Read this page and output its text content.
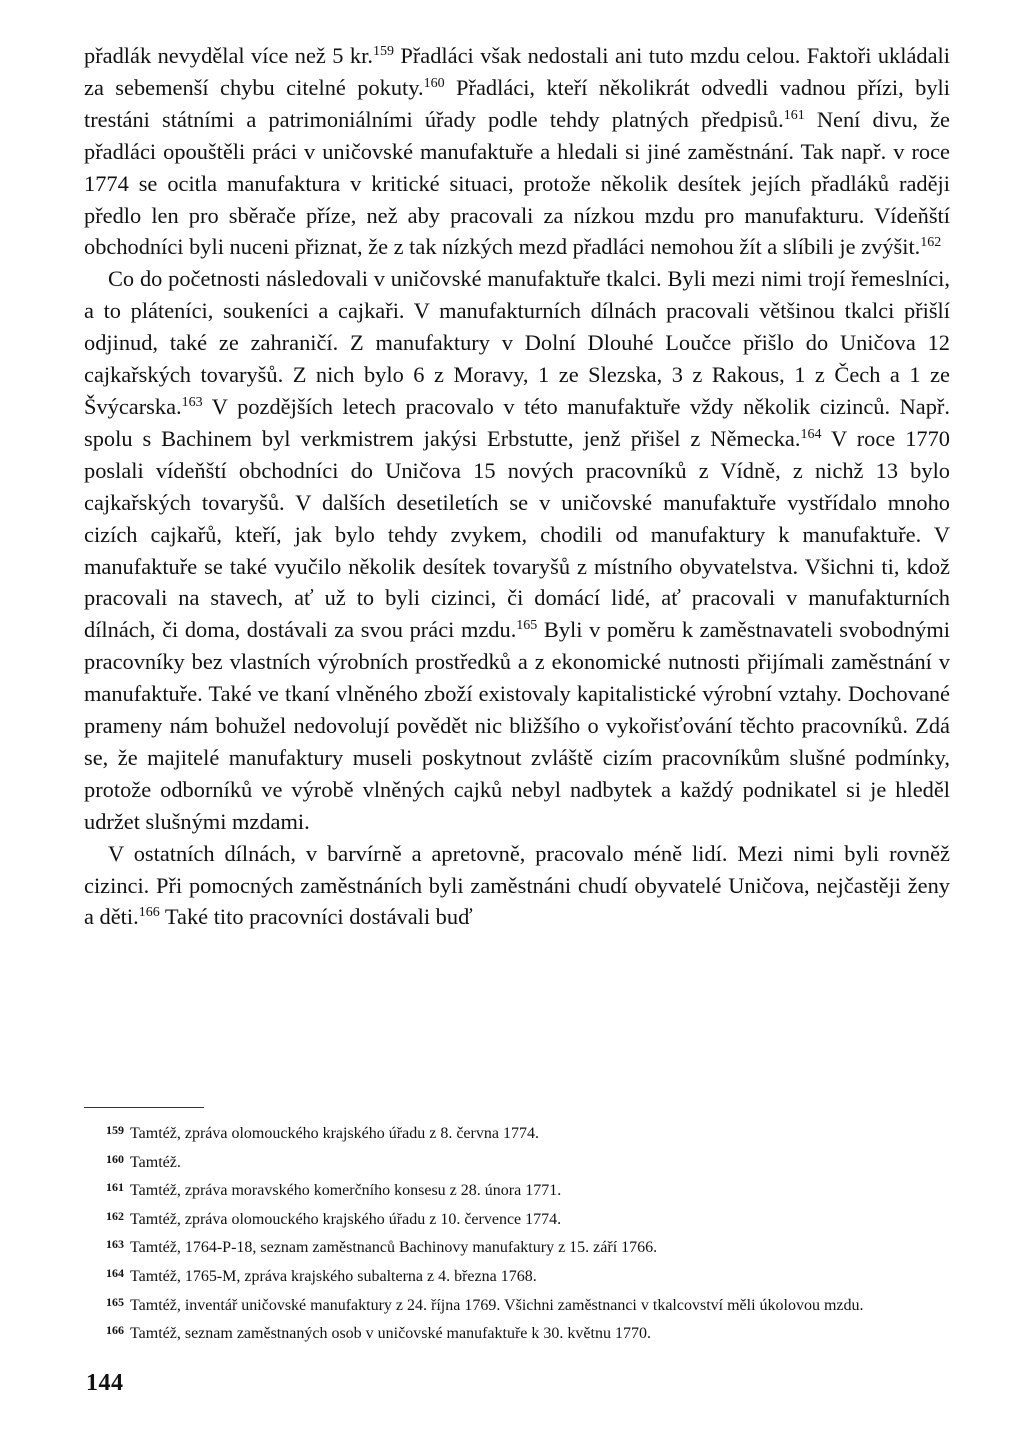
přadlák nevydělal více než 5 kr.$^{159}$ Přadláci však nedostali ani tuto mzdu celou. Faktoři ukládali za sebemenší chybu citelné pokuty.$^{160}$ Přadláci, kteří několikrát odvedli vadnou přízi, byli trestáni státními a patrimoniálními úřady podle tehdy platných předpisů.$^{161}$ Není divu, že přadláci opouštěli práci v uničovské manufaktuře a hledali si jiné zaměstnání. Tak např. v roce 1774 se ocitla manufaktura v kritické situaci, protože několik desítek jejích přadláků raději předlo len pro sběrače příze, než aby pracovali za nízkou mzdu pro manufakturu. Vídeňští obchodníci byli nuceni přiznat, že z tak nízkých mezd přadláci nemohou žít a slíbili je zvýšit.$^{162}$

Co do početnosti následovali v uničovské manufaktuře tkalci. Byli mezi nimi trojí řemeslníci, a to pláteníci, soukeníci a cajkaři. V manufakturních dílnách pracovali většinou tkalci přišlí odjinud, také ze zahraničí. Z manufaktury v Dolní Dlouhé Loučce přišlo do Uničova 12 cajkařských tovaryšů. Z nich bylo 6 z Moravy, 1 ze Slezska, 3 z Rakous, 1 z Čech a 1 ze Švýcarska.$^{163}$ V pozdějších letech pracovalo v této manufaktuře vždy několik cizinců. Např. spolu s Bachinem byl verkmistrem jakýsi Erbstutte, jenž přišel z Německa.$^{164}$ V roce 1770 poslali vídeňští obchodníci do Uničova 15 nových pracovníků z Vídně, z nichž 13 bylo cajkařských tovaryšů. V dalších desetiletích se v uničovské manufaktuře vystřídalo mnoho cizích cajkařů, kteří, jak bylo tehdy zvykem, chodili od manufaktury k manufaktuře. V manufaktuře se také vyučilo několik desítek tovaryšů z místního obyvatelstva. Všichni ti, kdož pracovali na stavech, ať už to byli cizinci, či domácí lidé, ať pracovali v manufakturních dílnách, či doma, dostávali za svou práci mzdu.$^{165}$ Byli v poměru k zaměstnavateli svobodnými pracovníky bez vlastních výrobních prostředků a z ekonomické nutnosti přijímali zaměstnání v manufaktuře. Také ve tkaní vlněného zboží existovaly kapitalistické výrobní vztahy. Dochované prameny nám bohužel nedovolují povědět nic bližšího o vykořisťování těchto pracovníků. Zdá se, že majitelé manufaktury museli poskytnout zvláště cizím pracovníkům slušné podmínky, protože odborníků ve výrobě vlněných cajků nebyl nadbytek a každý podnikatel si je hleděl udržet slušnými mzdami.

V ostatních dílnách, v barvírně a apretovně, pracovalo méně lidí. Mezi nimi byli rovněž cizinci. Při pomocných zaměstnáních byli zaměstnáni chudí obyvatelé Uničova, nejčastěji ženy a děti.$^{166}$ Také tito pracovníci dostávali buď

$^{159}$ Tamtéž, zpráva olomouckého krajského úřadu z 8. června 1774.

$^{160}$ Tamtéž.

$^{161}$ Tamtéž, zpráva moravského komerčního konsesu z 28. února 1771.

$^{162}$ Tamtéž, zpráva olomouckého krajského úřadu z 10. července 1774.

$^{163}$ Tamtéž, 1764-P-18, seznam zaměstnanců Bachinovy manufaktury z 15. září 1766.

$^{164}$ Tamtéž, 1765-M, zpráva krajského subalterna z 4. března 1768.

$^{165}$ Tamtéž, inventář uničovské manufaktury z 24. října 1769. Všichni zaměstnanci v tkalcovství měli úkolovou mzdu.

$^{166}$ Tamtéž, seznam zaměstnaných osob v uničovské manufaktuře k 30. květnu 1770.

144
